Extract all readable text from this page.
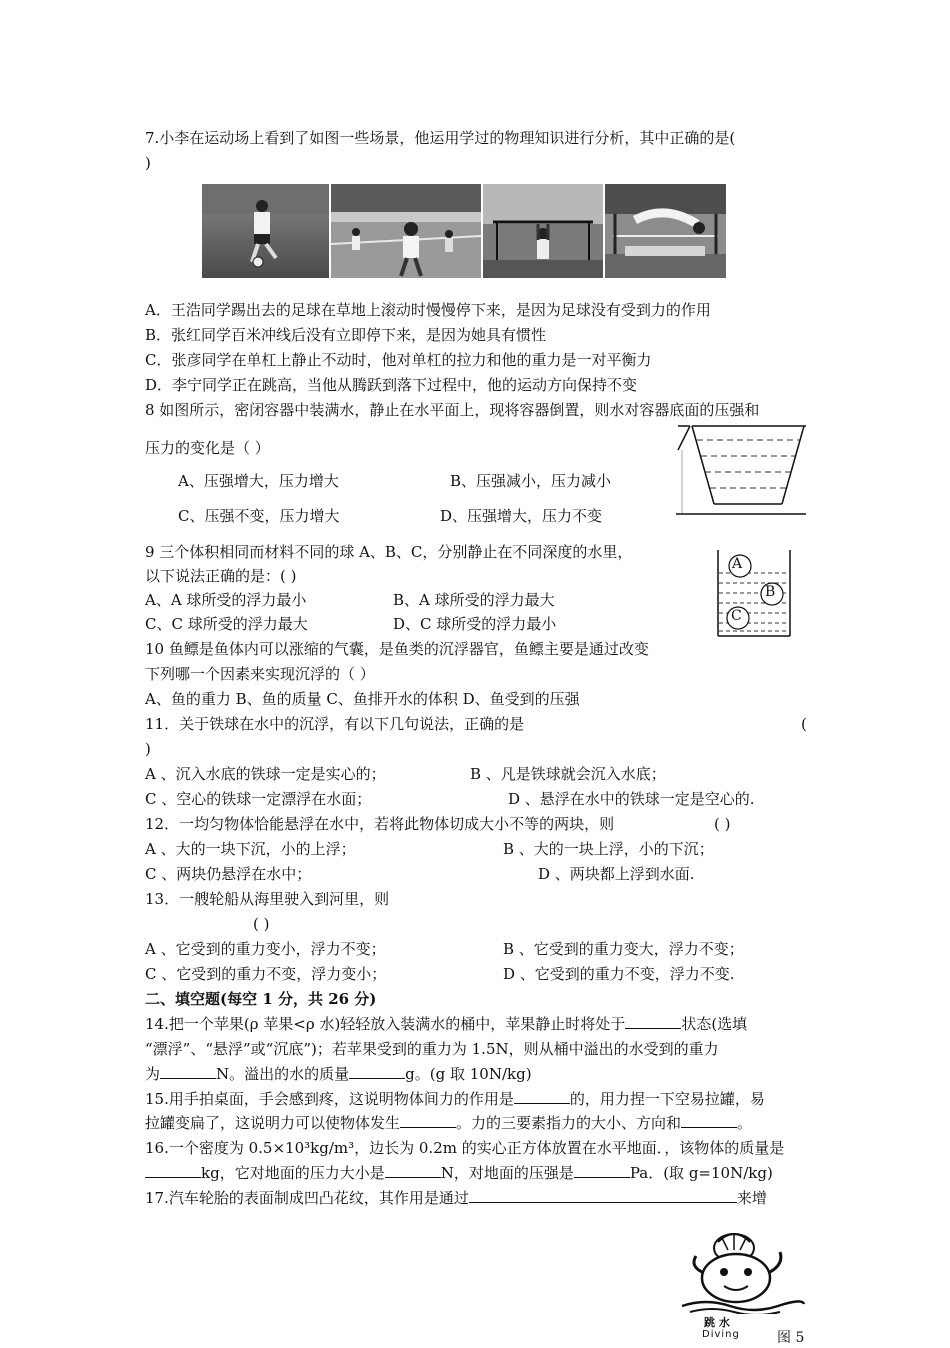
7.小李在运动场上看到了如图一些场景，他运用学过的物理知识进行分析，其中正确的是(
)
A．王浩同学踢出去的足球在草地上滚动时慢慢停下来，是因为足球没有受到力的作用
B．张红同学百米冲线后没有立即停下来，是因为她具有惯性
C．张彦同学在单杠上静止不动时，他对单杠的拉力和他的重力是一对平衡力
D．李宁同学正在跳高，当他从腾跃到落下过程中，他的运动方向保持不变
8 如图所示，密闭容器中装满水，静止在水平面上，现将容器倒置，则水对容器底面的压强和
压力的变化是（ ）
A、压强增大，压力增大	B、压强减小，压力减小
C、压强不变，压力增大	D、压强增大，压力不变
9 三个体积相同而材料不同的球 A、B、C，分别静止在不同深度的水里，
以下说法正确的是：( )
A、A 球所受的浮力最小	B、A 球所受的浮力最大
C、C 球所受的浮力最大	D、C 球所受的浮力最小
A
B
C
10 鱼鳔是鱼体内可以涨缩的气囊，是鱼类的沉浮器官，鱼鳔主要是通过改变
下列哪一个因素来实现沉浮的（ ）
A、鱼的重力 B、鱼的质量 C、鱼排开水的体积 D、鱼受到的压强
11．关于铁球在水中的沉浮，有以下几句说法，正确的是	(
)
A 、沉入水底的铁球一定是实心的；	B 、凡是铁球就会沉入水底；
C 、空心的铁球一定漂浮在水面；	D 、悬浮在水中的铁球一定是空心的.
12．一均匀物体恰能悬浮在水中，若将此物体切成大小不等的两块，则	( )
A 、大的一块下沉，小的上浮；	B 、大的一块上浮，小的下沉；
C 、两块仍悬浮在水中；	D 、两块都上浮到水面.
13．一艘轮船从海里驶入到河里，则
( )
A 、它受到的重力变小，浮力不变；	B 、它受到的重力变大，浮力不变；
C 、它受到的重力不变，浮力变小；	D 、它受到的重力不变，浮力不变.
二、填空题(每空 1 分，共 26 分)
14.把一个苹果(ρ 苹果<ρ 水)轻轻放入装满水的桶中，苹果静止时将处于	状态(选填
“漂浮”、“悬浮”或“沉底”)；若苹果受到的重力为 1.5N，则从桶中溢出的水受到的重力
为	N。溢出的水的质量	g。(g 取 10N/kg)
15.用手拍桌面，手会感到疼，这说明物体间力的作用是	的，用力捏一下空易拉罐，易
拉罐变扁了，这说明力可以使物体发生	。力的三要素指力的大小、方向和	。
16.一个密度为 0.5×10³kg/m³，边长为 0.2m 的实心正方体放置在水平地面．，该物体的质量是
kg，它对地面的压力大小是	N，对地面的压强是	Pa．(取 g=10N/kg)
17.汽车轮胎的表面制成凹凸花纹，其作用是通过	来增
跳 水
Diving	图 5
